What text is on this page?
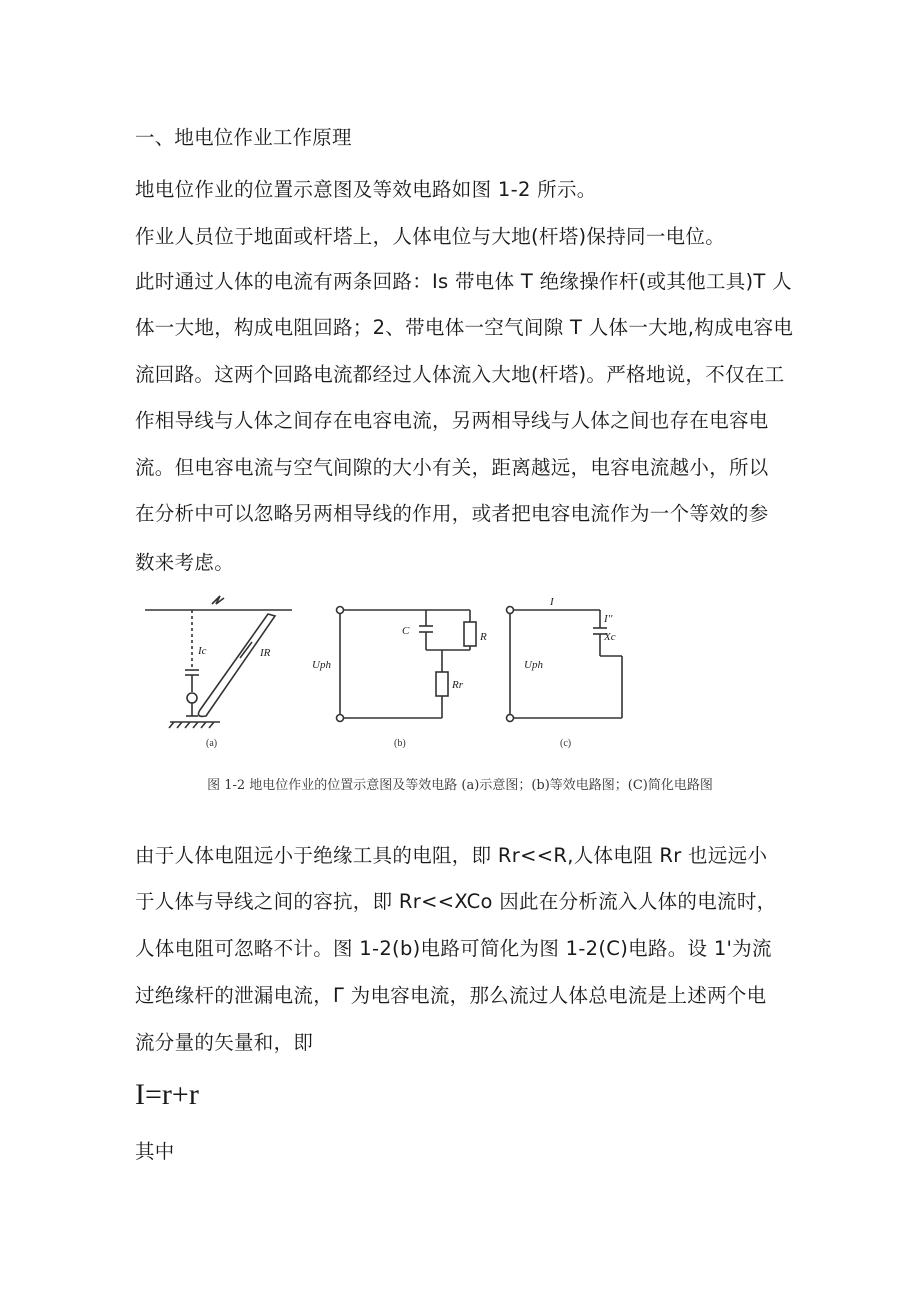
一、地电位作业工作原理
地电位作业的位置示意图及等效电路如图 1-2 所示。
作业人员位于地面或杆塔上，人体电位与大地(杆塔)保持同一电位。
此时通过人体的电流有两条回路：Is 带电体 T 绝缘操作杆(或其他工具)T 人
体一大地，构成电阻回路；2、带电体一空气间隙 T 人体一大地,构成电容电
流回路。这两个回路电流都经过人体流入大地(杆塔)。严格地说，不仅在工
作相导线与人体之间存在电容电流，另两相导线与人体之间也存在电容电
流。但电容电流与空气间隙的大小有关，距离越远，电容电流越小，所以
在分析中可以忽略另两相导线的作用，或者把电容电流作为一个等效的参
数来考虑。
Ic	IR
(a)
C	R
Rr
Uph
(b)
I
I''
Xc
Uph
(c)
图 1-2 地电位作业的位置示意图及等效电路 (a)示意图；(b)等效电路图；(C)简化电路图
由于人体电阻远小于绝缘工具的电阻，即 Rr<<R,人体电阻 Rr 也远远小
于人体与导线之间的容抗，即 Rr<<XCo 因此在分析流入人体的电流时，
人体电阻可忽略不计。图 1-2(b)电路可简化为图 1-2(C)电路。设 1'为流
过绝缘杆的泄漏电流，Γ 为电容电流，那么流过人体总电流是上述两个电
流分量的矢量和，即
I=r+r
其中
